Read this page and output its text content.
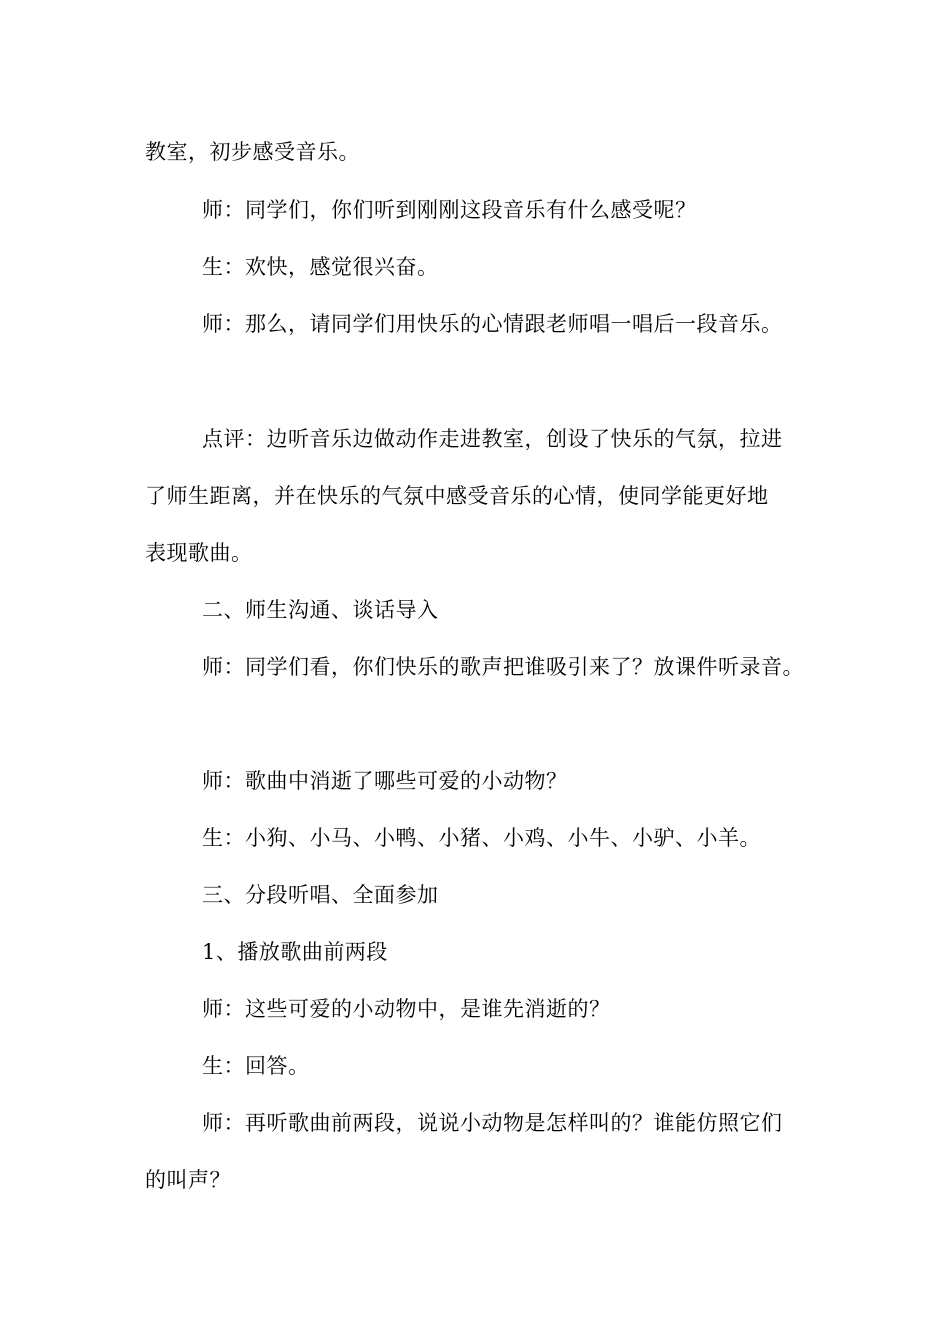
教室，初步感受音乐。
师：同学们，你们听到刚刚这段音乐有什么感受呢？
生：欢快，感觉很兴奋。
师：那么，请同学们用快乐的心情跟老师唱一唱后一段音乐。
点评：边听音乐边做动作走进教室，创设了快乐的气氛，拉进
了师生距离，并在快乐的气氛中感受音乐的心情，使同学能更好地
表现歌曲。
二、师生沟通、谈话导入
师：同学们看，你们快乐的歌声把谁吸引来了？放课件听录音。
师：歌曲中消逝了哪些可爱的小动物？
生：小狗、小马、小鸭、小猪、小鸡、小牛、小驴、小羊。
三、分段听唱、全面参加
1、播放歌曲前两段
师：这些可爱的小动物中，是谁先消逝的？
生：回答。
师：再听歌曲前两段，说说小动物是怎样叫的？谁能仿照它们
的叫声？
